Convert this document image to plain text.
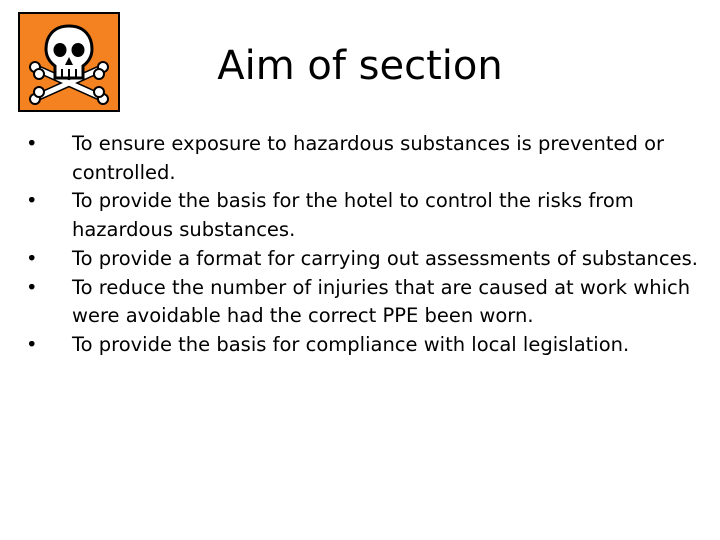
Aim of section
•	To ensure exposure to hazardous substances is prevented or controlled.
•	To provide the basis for the hotel to control the risks from hazardous substances.
•	To provide a format for carrying out assessments of substances.
•	To reduce the number of injuries that are caused at work which were avoidable had the correct PPE been worn.
•	To provide the basis for compliance with local legislation.
